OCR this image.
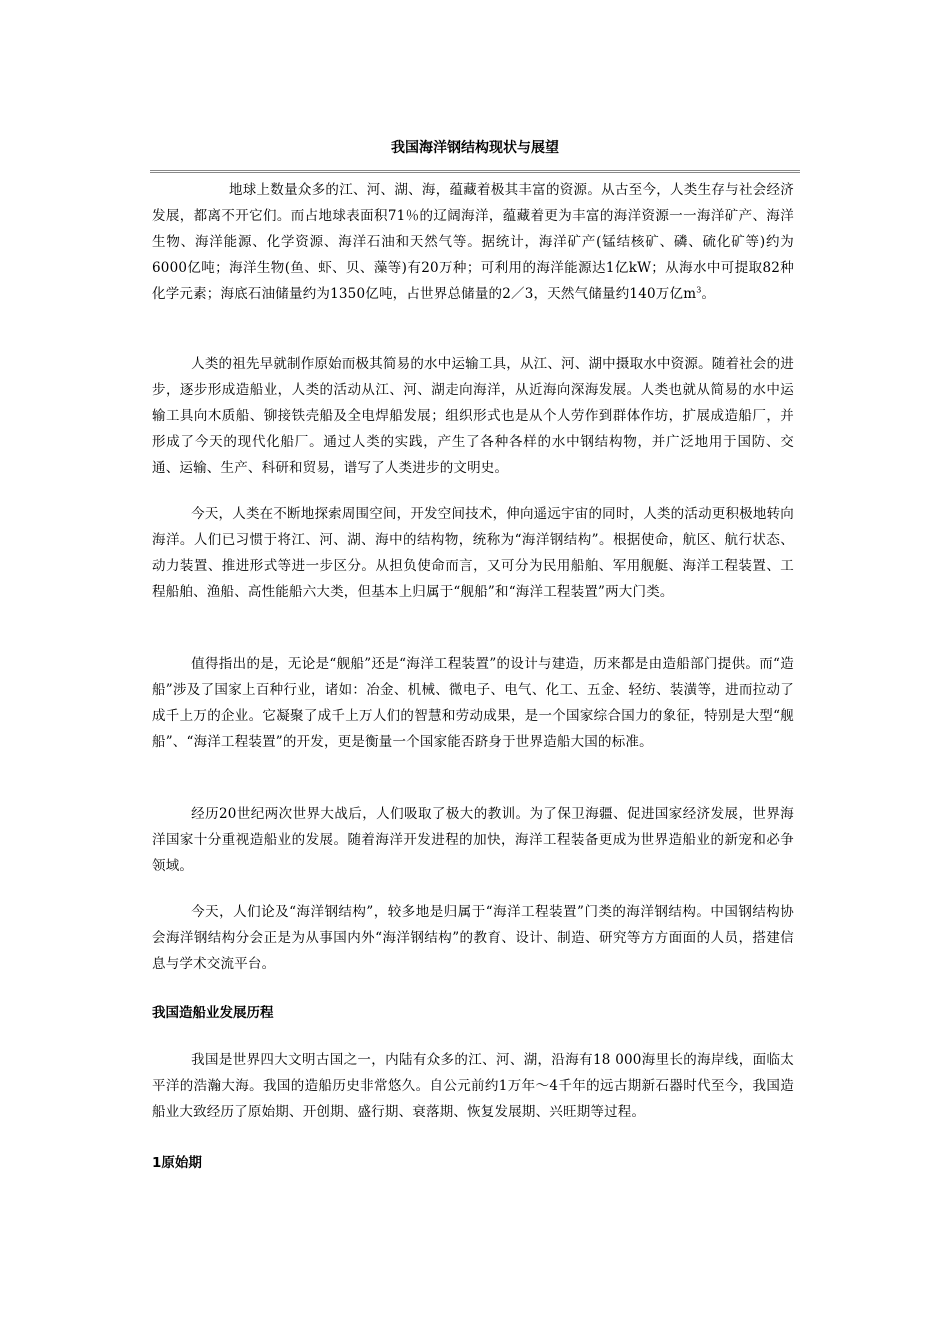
我国海洋钢结构现状与展望

地球上数量众多的江、河、湖、海，蕴藏着极其丰富的资源。从古至今，人类生存与社会经济发展，都离不开它们。而占地球表面积71％的辽阔海洋，蕴藏着更为丰富的海洋资源一一海洋矿产、海洋生物、海洋能源、化学资源、海洋石油和天然气等。据统计，海洋矿产(锰结核矿、磷、硫化矿等)约为6000亿吨；海洋生物(鱼、虾、贝、藻等)有20万种；可利用的海洋能源达1亿kW；从海水中可提取82种化学元素；海底石油储量约为1350亿吨，占世界总储量的2／3，天然气储量约140万亿$m^3$。

人类的祖先早就制作原始而极其简易的水中运输工具，从江、河、湖中摄取水中资源。随着社会的进步，逐步形成造船业，人类的活动从江、河、湖走向海洋，从近海向深海发展。人类也就从简易的水中运输工具向木质船、铆接铁壳船及全电焊船发展；组织形式也是从个人劳作到群体作坊，扩展成造船厂，并形成了今天的现代化船厂。通过人类的实践，产生了各种各样的水中钢结构物，并广泛地用于国防、交通、运输、生产、科研和贸易，谱写了人类进步的文明史。

今天，人类在不断地探索周围空间，开发空间技术，伸向遥远宇宙的同时，人类的活动更积极地转向海洋。人们已习惯于将江、河、湖、海中的结构物，统称为“海洋钢结构”。根据使命，航区、航行状态、动力装置、推进形式等进一步区分。从担负使命而言，又可分为民用船舶、军用舰艇、海洋工程装置、工程船舶、渔船、高性能船六大类，但基本上归属于“舰船”和“海洋工程装置”两大门类。

值得指出的是，无论是“舰船”还是“海洋工程装置”的设计与建造，历来都是由造船部门提供。而“造船”涉及了国家上百种行业，诸如：冶金、机械、微电子、电气、化工、五金、轻纺、装潢等，进而拉动了成千上万的企业。它凝聚了成千上万人们的智慧和劳动成果，是一个国家综合国力的象征，特别是大型“舰船”、“海洋工程装置”的开发，更是衡量一个国家能否跻身于世界造船大国的标准。

经历20世纪两次世界大战后，人们吸取了极大的教训。为了保卫海疆、促进国家经济发展，世界海洋国家十分重视造船业的发展。随着海洋开发进程的加快，海洋工程装备更成为世界造船业的新宠和必争领域。

今天，人们论及“海洋钢结构”，较多地是归属于“海洋工程装置”门类的海洋钢结构。中国钢结构协会海洋钢结构分会正是为从事国内外“海洋钢结构”的教育、设计、制造、研究等方方面面的人员，搭建信息与学术交流平台。

我国造船业发展历程

我国是世界四大文明古国之一，内陆有众多的江、河、湖，沿海有18 000海里长的海岸线，面临太平洋的浩瀚大海。我国的造船历史非常悠久。自公元前约1万年～4千年的远古期新石器时代至今，我国造船业大致经历了原始期、开创期、盛行期、衰落期、恢复发展期、兴旺期等过程。

1原始期
